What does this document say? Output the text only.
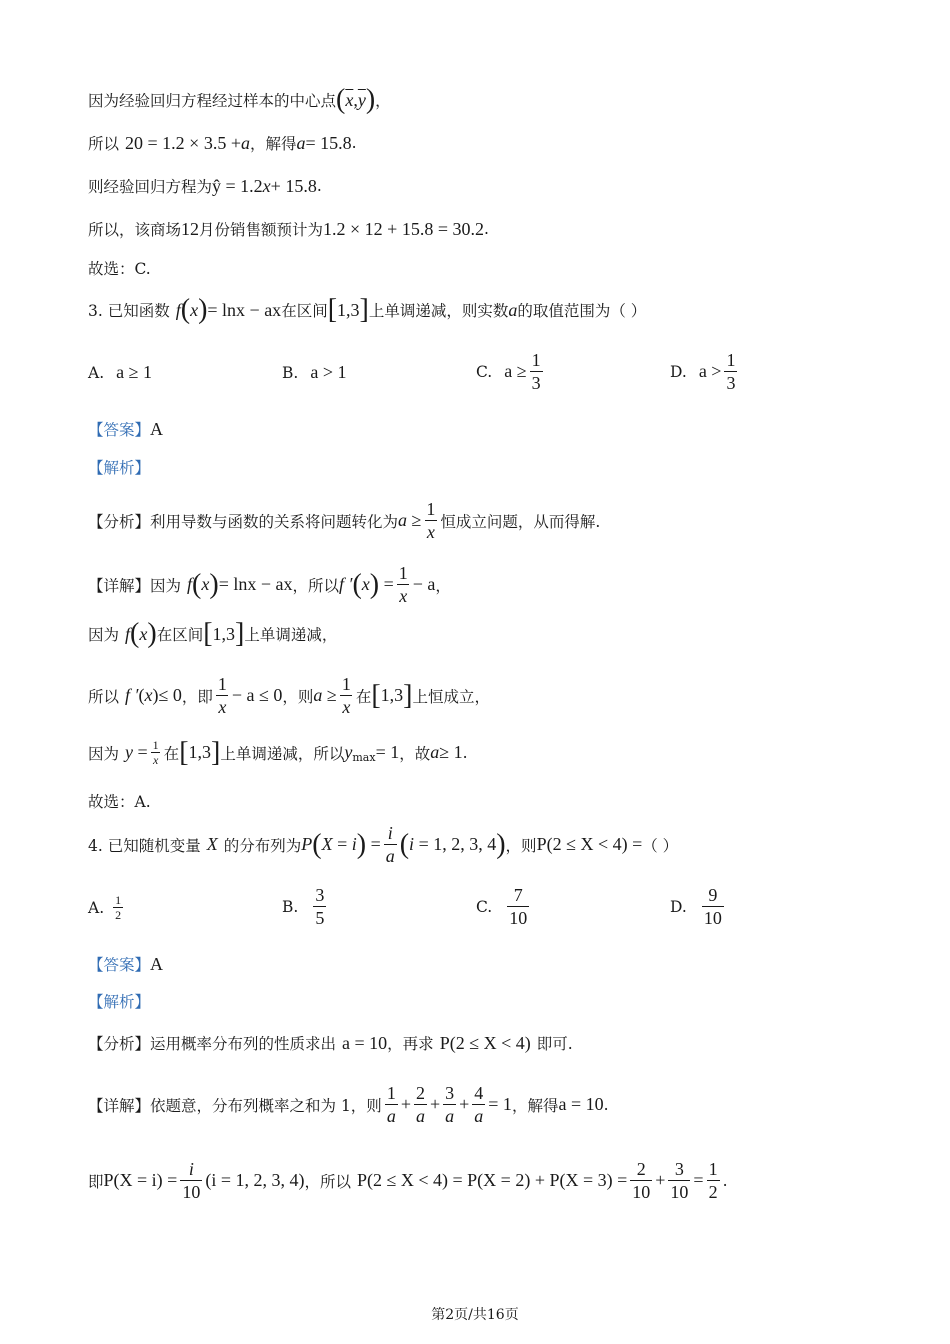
因为经验回归方程经过样本的中心点 ( $\overline{x}$ , $\overline{y}$ ) ，
所以 20 = 1.2 × 3.5 + a ，解得 a = 15.8 .
则经验回归方程为 ŷ = 1.2 x + 15.8 .
所以，该商场 12 月份销售额预计为 1.2 × 12 + 15.8 = 30.2 .
故选：C.
3. 已知函数 f ( x ) = lnx − ax 在区间 [ 1,3 ] 上单调递减，则实数 a 的取值范围为（ ）
A. a ≥ 1	B. a > 1	C. $a \ge \frac{1}{3}$	D. $a > \frac{1}{3}$
【答案】 A
【解析】
【分析】 利用导数与函数的关系将问题转化为 $a \ge \frac{1}{x}$ 恒成立问题，从而得解.
【详解】 因为 f ( x ) = lnx − ax ，所以 f ′ ( x ) = $\frac{1}{x} - a$ ，
因为 f ( x ) 在区间 [ 1,3 ] 上单调递减，
所以 f ′ ( x ) ≤ 0 ，即 $\frac{1}{x} - a \le 0$ ，则 $a \ge \frac{1}{x}$ 在 [ 1,3 ] 上恒成立，
因为 $y = \frac{1}{x}$ 在 [ 1,3 ] 上单调递减，所以 y max = 1 ，故 a ≥ 1 .
故选：A.
4. 已知随机变量 X 的分布列为 P ( X = i ) = $\frac{i}{a}$ ( i = 1, 2, 3, 4 ) ，则 P(2 ≤ X < 4) = （ ）
A. $\frac{1}{2}$	B. $\frac{3}{5}$	C. $\frac{7}{10}$	D. $\frac{9}{10}$
【答案】 A
【解析】
【分析】 运用概率分布列的性质求出 a = 10 ，再求 P(2 ≤ X < 4) 即可.
【详解】 依题意，分布列概率之和为 1，则 $\frac{1}{a} + \frac{2}{a} + \frac{3}{a} + \frac{4}{a} = 1$ ，解得 a = 10 .
即 $P(X = i) = \frac{i}{10} (i = 1$, 2, 3, 4) ，所以 $P(2 \le X < 4) = P(X = 2) + P(X = 3) = \frac{2}{10} + \frac{3}{10} = \frac{1}{2}$ .
第2页/共16页
